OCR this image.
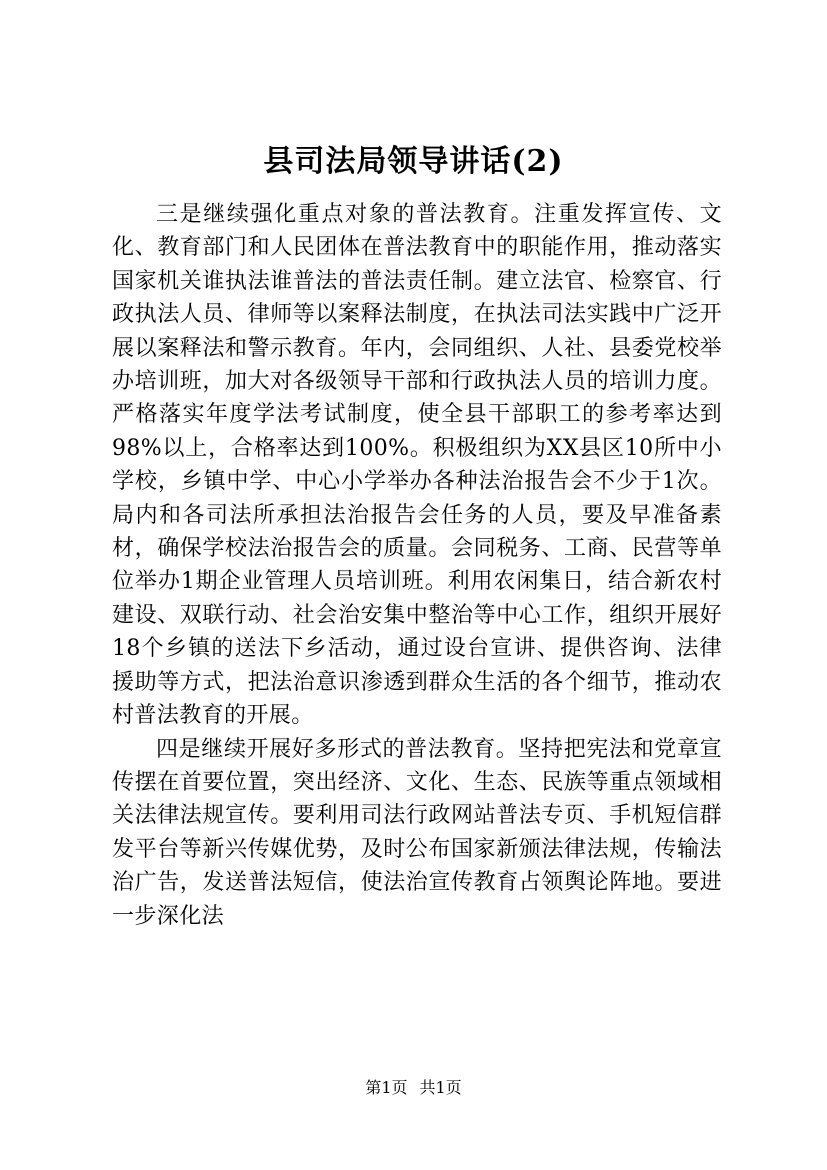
县司法局领导讲话(2)

三是继续强化重点对象的普法教育。注重发挥宣传、文化、教育部门和人民团体在普法教育中的职能作用，推动落实国家机关谁执法谁普法的普法责任制。建立法官、检察官、行政执法人员、律师等以案释法制度，在执法司法实践中广泛开展以案释法和警示教育。年内，会同组织、人社、县委党校举办培训班，加大对各级领导干部和行政执法人员的培训力度。严格落实年度学法考试制度，使全县干部职工的参考率达到98%以上，合格率达到100%。积极组织为XX县区10所中小学校，乡镇中学、中心小学举办各种法治报告会不少于1次。局内和各司法所承担法治报告会任务的人员，要及早准备素材，确保学校法治报告会的质量。会同税务、工商、民营等单位举办1期企业管理人员培训班。利用农闲集日，结合新农村建设、双联行动、社会治安集中整治等中心工作，组织开展好18个乡镇的送法下乡活动，通过设台宣讲、提供咨询、法律援助等方式，把法治意识渗透到群众生活的各个细节，推动农村普法教育的开展。

四是继续开展好多形式的普法教育。坚持把宪法和党章宣传摆在首要位置，突出经济、文化、生态、民族等重点领域相关法律法规宣传。要利用司法行政网站普法专页、手机短信群发平台等新兴传媒优势，及时公布国家新颁法律法规，传输法治广告，发送普法短信，使法治宣传教育占领舆论阵地。要进一步深化法

第1页 共1页
